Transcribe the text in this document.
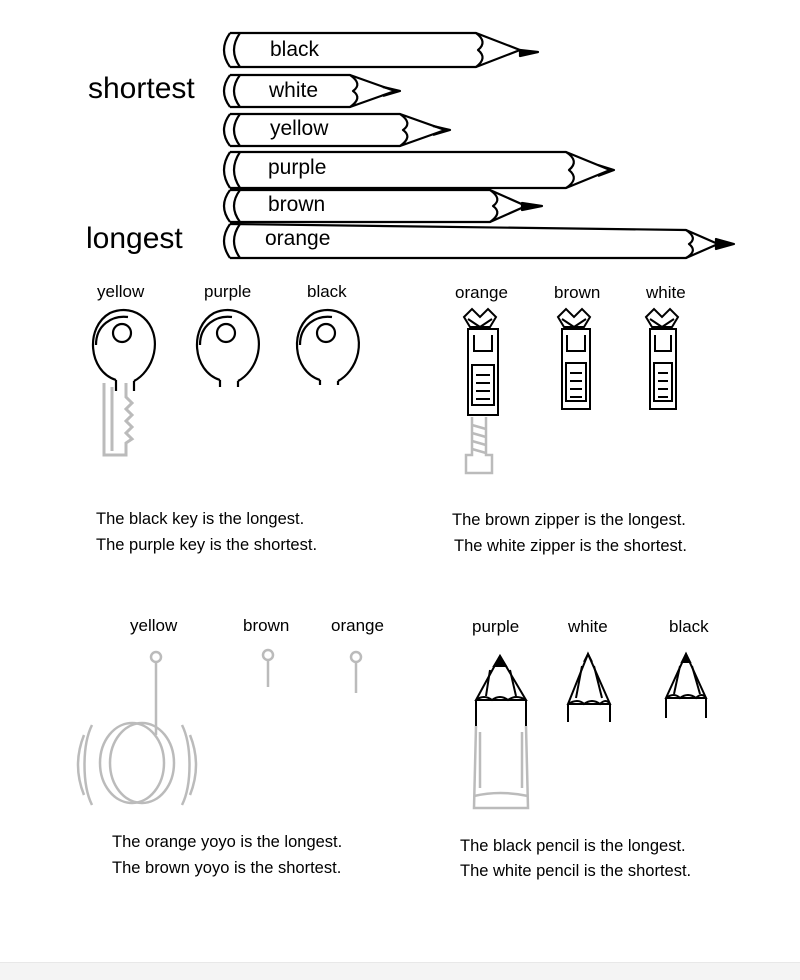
shortest
longest
black
white
yellow
purple
brown
orange
yellow	purple	black
The black key is the longest.
The purple key is the shortest.
orange	brown	white
The brown zipper is the longest.
The white zipper is the shortest.
yellow	brown orange
The orange yoyo is the longest.
The brown yoyo is the shortest.
purple	white	black
The black pencil is the longest.
The white pencil is the shortest.
